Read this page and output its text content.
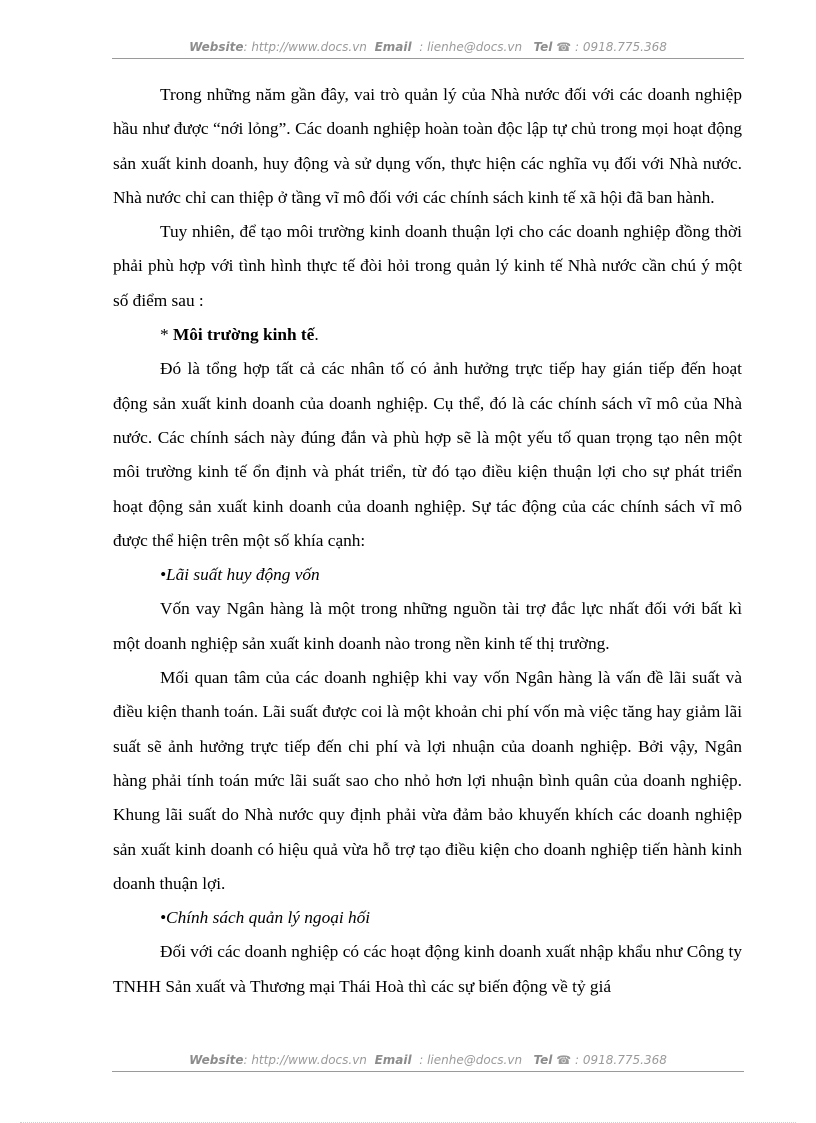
Website: http://www.docs.vn Email : lienhe@docs.vn Tel ☎ : 0918.775.368

Trong những năm gần đây, vai trò quản lý của Nhà nước đối với các doanh nghiệp hầu như được “nới lỏng”. Các doanh nghiệp hoàn toàn độc lập tự chủ trong mọi hoạt động sản xuất kinh doanh, huy động và sử dụng vốn, thực hiện các nghĩa vụ đối với Nhà nước. Nhà nước chỉ can thiệp ở tầng vĩ mô đối với các chính sách kinh tế xã hội đã ban hành.

Tuy nhiên, để tạo môi trường kinh doanh thuận lợi cho các doanh nghiệp đồng thời phải phù hợp với tình hình thực tế đòi hỏi trong quản lý kinh tế Nhà nước cần chú ý một số điểm sau :

* Môi trường kinh tế.

Đó là tổng hợp tất cả các nhân tố có ảnh hưởng trực tiếp hay gián tiếp đến hoạt động sản xuất kinh doanh của doanh nghiệp. Cụ thể, đó là các chính sách vĩ mô của Nhà nước. Các chính sách này đúng đắn và phù hợp sẽ là một yếu tố quan trọng tạo nên một môi trường kinh tế ổn định và phát triển, từ đó tạo điều kiện thuận lợi cho sự phát triển hoạt động sản xuất kinh doanh của doanh nghiệp. Sự tác động của các chính sách vĩ mô được thể hiện trên một số khía cạnh:

•Lãi suất huy động vốn

Vốn vay Ngân hàng là một trong những nguồn tài trợ đắc lực nhất đối với bất kì một doanh nghiệp sản xuất kinh doanh nào trong nền kinh tế thị trường.

Mối quan tâm của các doanh nghiệp khi vay vốn Ngân hàng là vấn đề lãi suất và điều kiện thanh toán. Lãi suất được coi là một khoản chi phí vốn mà việc tăng hay giảm lãi suất sẽ ảnh hưởng trực tiếp đến chi phí và lợi nhuận của doanh nghiệp. Bởi vậy, Ngân hàng phải tính toán mức lãi suất sao cho nhỏ hơn lợi nhuận bình quân của doanh nghiệp. Khung lãi suất do Nhà nước quy định phải vừa đảm bảo khuyến khích các doanh nghiệp sản xuất kinh doanh có hiệu quả vừa hỗ trợ tạo điều kiện cho doanh nghiệp tiến hành kinh doanh thuận lợi.

•Chính sách quản lý ngoại hối

Đối với các doanh nghiệp có các hoạt động kinh doanh xuất nhập khẩu như Công ty TNHH Sản xuất và Thương mại Thái Hoà thì các sự biến động về tỷ giá

Website: http://www.docs.vn Email : lienhe@docs.vn Tel ☎ : 0918.775.368
